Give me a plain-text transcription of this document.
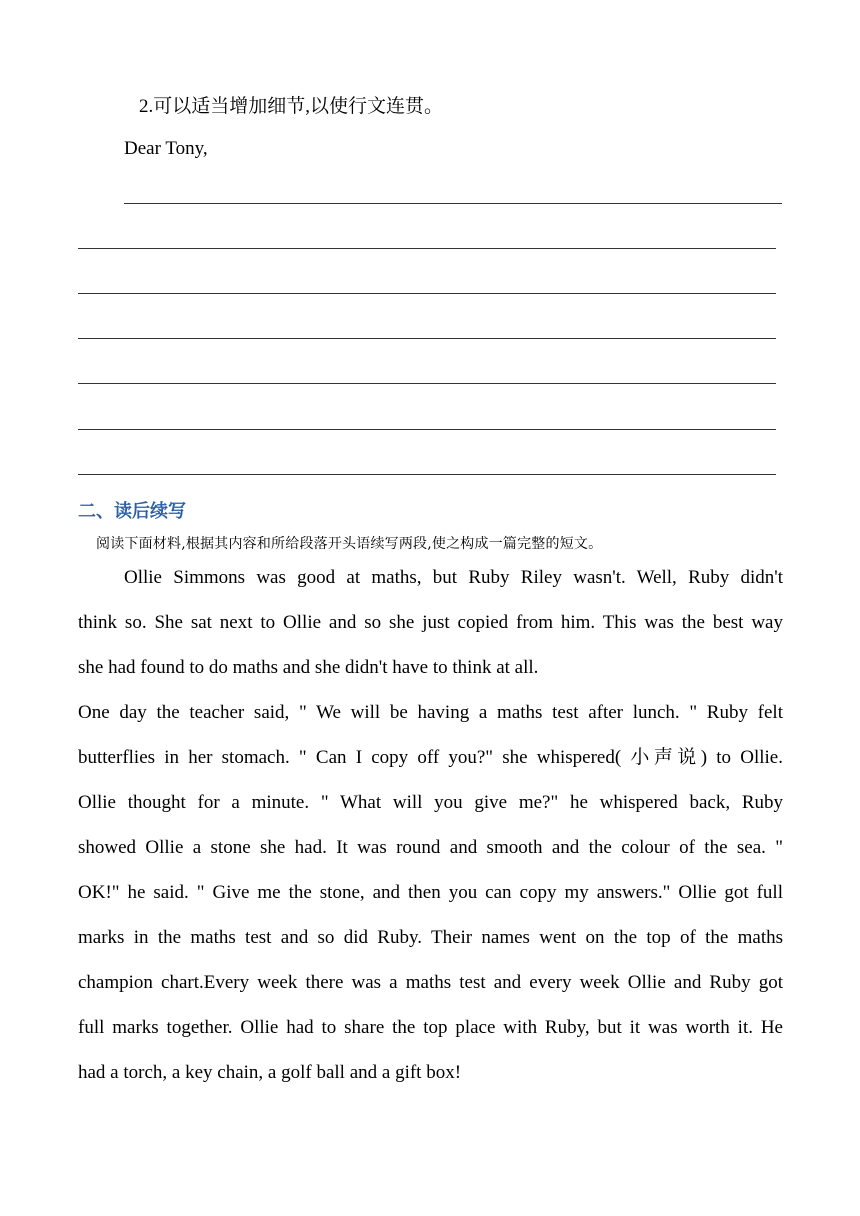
2.可以适当增加细节,以使行文连贯。
Dear Tony,
二、读后续写
阅读下面材料,根据其内容和所给段落开头语续写两段,使之构成一篇完整的短文。

Ollie Simmons was good at maths, but Ruby Riley wasn't. Well, Ruby didn't

think so. She sat next to Ollie and so she just copied from him. This was the best way

she had found to do maths and she didn't have to think at all.

One day the teacher said, " We will be having a maths test after lunch. " Ruby felt

butterflies in her stomach. " Can I copy off you?" she whispered( 小声说) to Ollie.

Ollie thought for a minute. " What will you give me?" he whispered back, Ruby

showed Ollie a stone she had. It was round and smooth and the colour of the sea. "

OK!" he said. " Give me the stone, and then you can copy my answers." Ollie got full

marks in the maths test and so did Ruby. Their names went on the top of the maths

champion chart.Every week there was a maths test and every week Ollie and Ruby got

full marks together. Ollie had to share the top place with Ruby, but it was worth it. He

had a torch, a key chain, a golf ball and a gift box!
